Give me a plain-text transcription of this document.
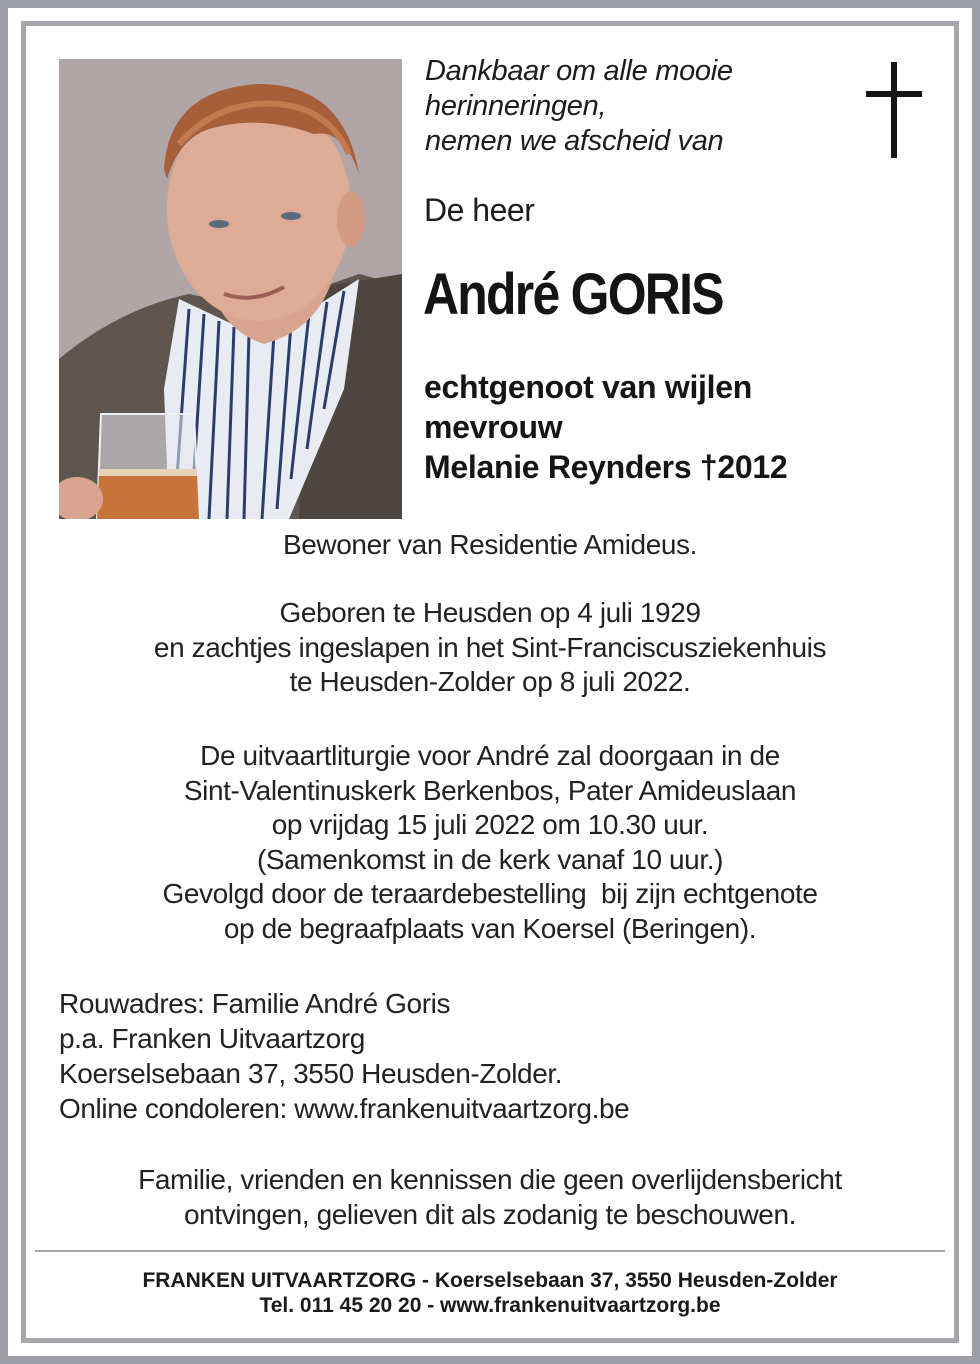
Dankbaar om alle mooie
herinneringen,
nemen we afscheid van
De heer
André GORIS
echtgenoot van wijlen
mevrouw
Melanie Reynders †2012
Bewoner van Residentie Amideus.
Geboren te Heusden op 4 juli 1929
en zachtjes ingeslapen in het Sint-Franciscusziekenhuis
te Heusden-Zolder op 8 juli 2022.
De uitvaartliturgie voor André zal doorgaan in de
Sint-Valentinuskerk Berkenbos, Pater Amideuslaan
op vrijdag 15 juli 2022 om 10.30 uur.
(Samenkomst in de kerk vanaf 10 uur.)
Gevolgd door de teraardebestelling  bij zijn echtgenote
op de begraafplaats van Koersel (Beringen).
Rouwadres: Familie André Goris
p.a. Franken Uitvaartzorg
Koerselsebaan 37, 3550 Heusden-Zolder.
Online condoleren: www.frankenuitvaartzorg.be
Familie, vrienden en kennissen die geen overlijdensbericht
ontvingen, gelieven dit als zodanig te beschouwen.
FRANKEN UITVAARTZORG - Koerselsebaan 37, 3550 Heusden-Zolder
Tel. 011 45 20 20 - www.frankenuitvaartzorg.be
